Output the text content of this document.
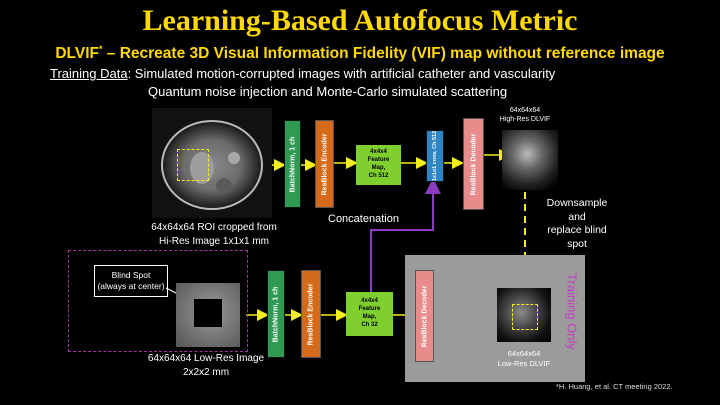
Learning-Based Autofocus Metric
DLVIF* – Recreate 3D Visual Information Fidelity (VIF) map without reference image
Training Data: Simulated motion-corrupted images with artificial catheter and vascularity
Quantum noise injection and Monte-Carlo simulated scattering
64x64x64 ROI cropped from
Hi-Res Image 1x1x1 mm
BatchNorm, 1 ch	ResBlock Encoder	4x4x4
Feature
Map,
Ch 512	1x1x1 conv, Ch 512	ResBlock Decoder
64x64x64
High-Res DLVIF
Concatenation
Downsample
and
replace blind
spot
Blind Spot
(always at center)
64x64x64 Low-Res Image
2x2x2 mm
BatchNorm, 1 ch	ResBlock Encoder	4x4x4
Feature
Map,
Ch 32	ResBlock Decoder
64x64x64
Low-Res DLVIF
Training Only
*H. Huang, et al. CT meeting 2022.
